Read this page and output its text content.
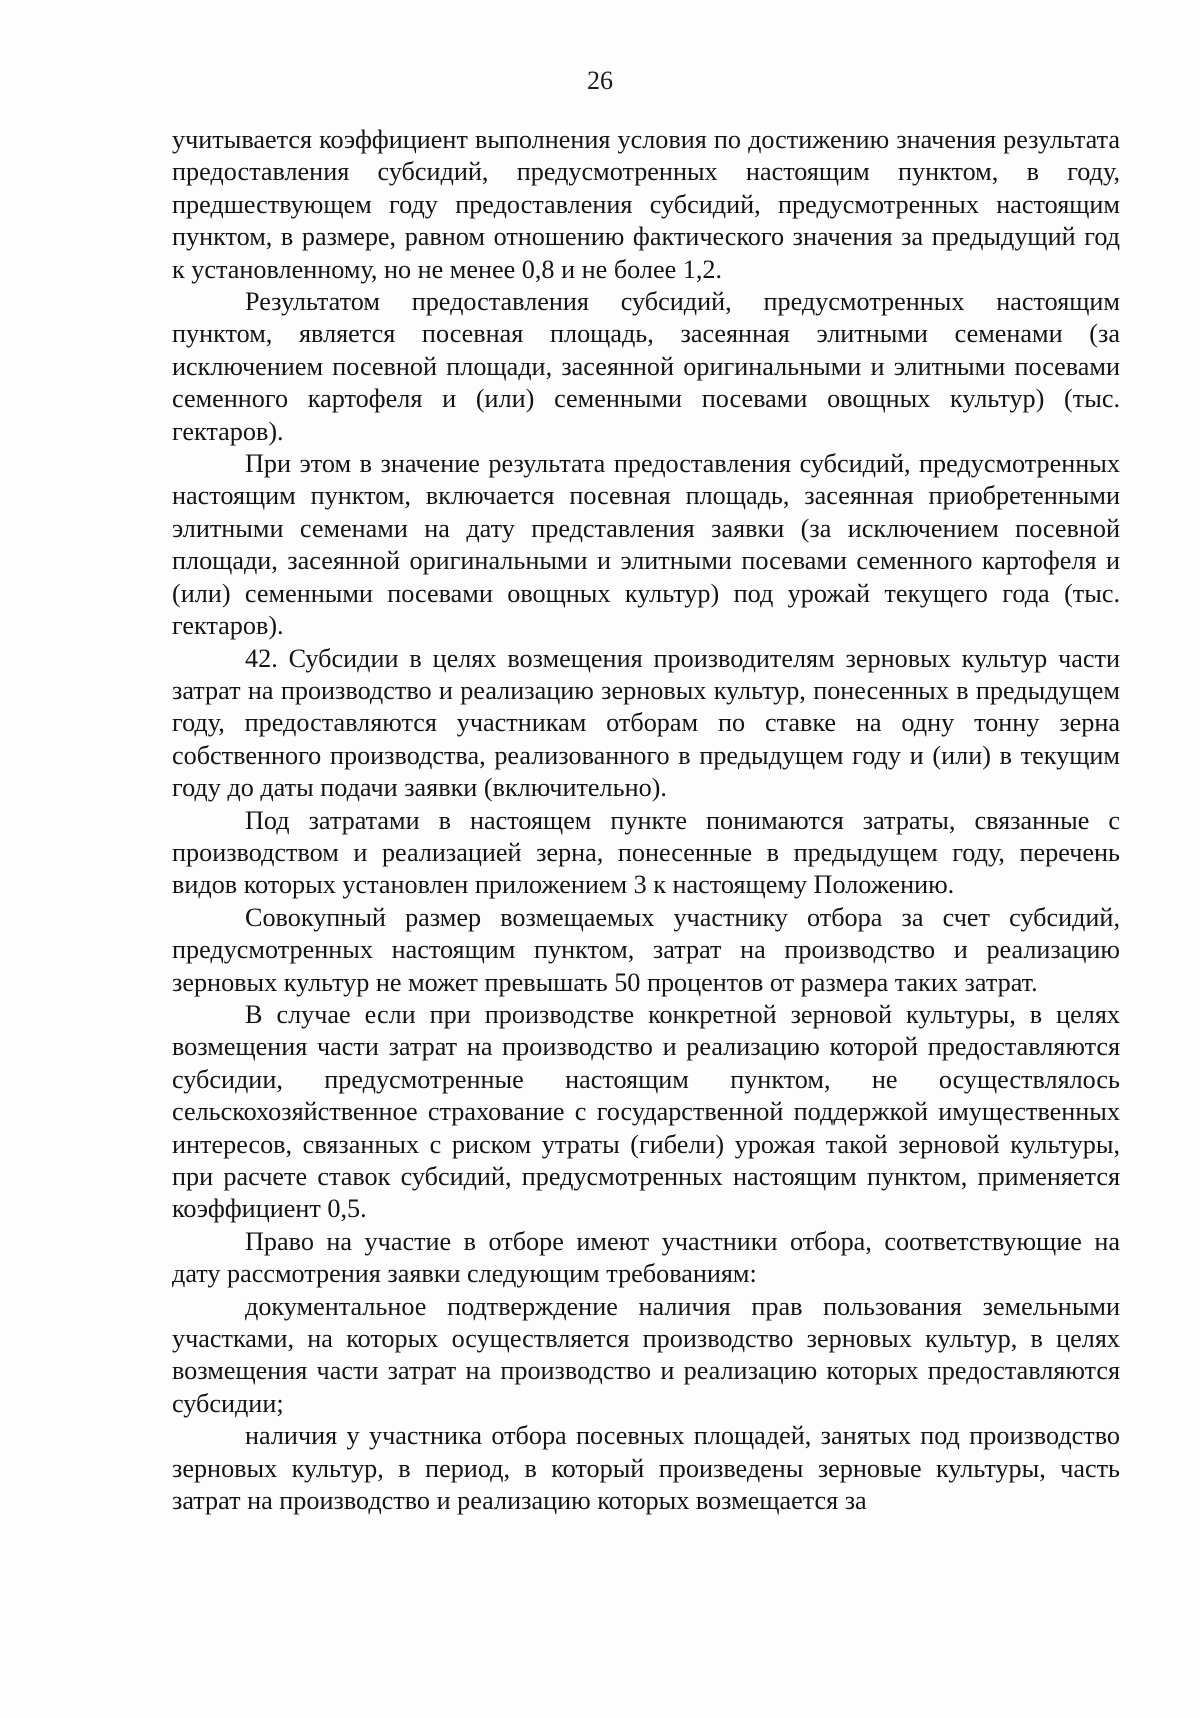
26

учитывается коэффициент выполнения условия по достижению значения результата предоставления субсидий, предусмотренных настоящим пунктом, в году, предшествующем году предоставления субсидий, предусмотренных настоящим пунктом, в размере, равном отношению фактического значения за предыдущий год к установленному, но не менее 0,8 и не более 1,2.

Результатом предоставления субсидий, предусмотренных настоящим пунктом, является посевная площадь, засеянная элитными семенами (за исключением посевной площади, засеянной оригинальными и элитными посевами семенного картофеля и (или) семенными посевами овощных культур) (тыс. гектаров).

При этом в значение результата предоставления субсидий, предусмотренных настоящим пунктом, включается посевная площадь, засеянная приобретенными элитными семенами на дату представления заявки (за исключением посевной площади, засеянной оригинальными и элитными посевами семенного картофеля и (или) семенными посевами овощных культур) под урожай текущего года (тыс. гектаров).

42. Субсидии в целях возмещения производителям зерновых культур части затрат на производство и реализацию зерновых культур, понесенных в предыдущем году, предоставляются участникам отборам по ставке на одну тонну зерна собственного производства, реализованного в предыдущем году и (или) в текущим году до даты подачи заявки (включительно).

Под затратами в настоящем пункте понимаются затраты, связанные с производством и реализацией зерна, понесенные в предыдущем году, перечень видов которых установлен приложением 3 к настоящему Положению.

Совокупный размер возмещаемых участнику отбора за счет субсидий, предусмотренных настоящим пунктом, затрат на производство и реализацию зерновых культур не может превышать 50 процентов от размера таких затрат.

В случае если при производстве конкретной зерновой культуры, в целях возмещения части затрат на производство и реализацию которой предоставляются субсидии, предусмотренные настоящим пунктом, не осуществлялось сельскохозяйственное страхование с государственной поддержкой имущественных интересов, связанных с риском утраты (гибели) урожая такой зерновой культуры, при расчете ставок субсидий, предусмотренных настоящим пунктом, применяется коэффициент 0,5.

Право на участие в отборе имеют участники отбора, соответствующие на дату рассмотрения заявки следующим требованиям:

документальное подтверждение наличия прав пользования земельными участками, на которых осуществляется производство зерновых культур, в целях возмещения части затрат на производство и реализацию которых предоставляются субсидии;

наличия у участника отбора посевных площадей, занятых под производство зерновых культур, в период, в который произведены зерновые культуры, часть затрат на производство и реализацию которых возмещается за
